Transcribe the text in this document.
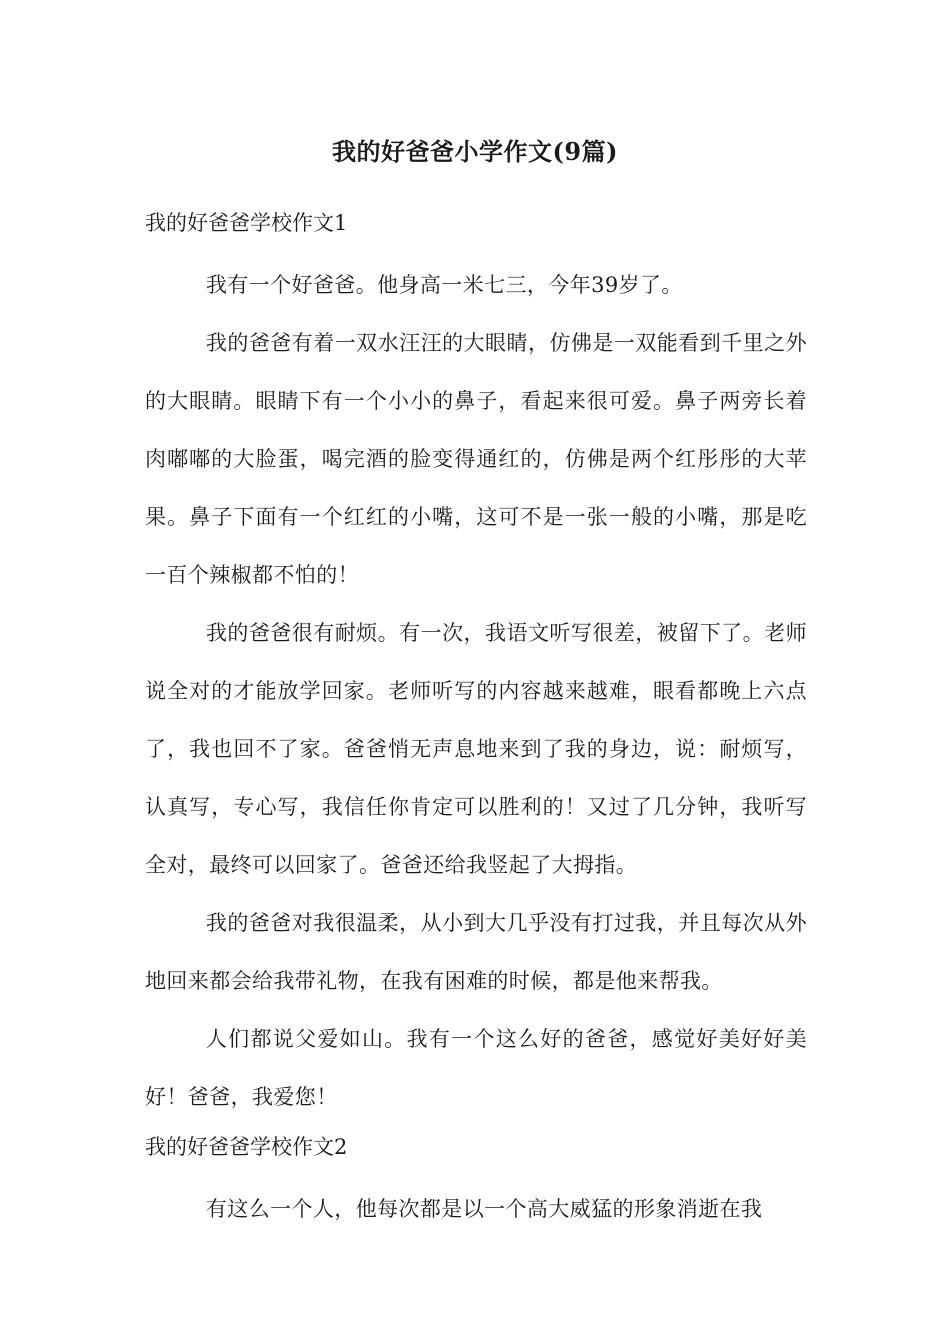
我的好爸爸小学作文(9篇)
我的好爸爸学校作文1

我有一个好爸爸。他身高一米七三，今年39岁了。

我的爸爸有着一双水汪汪的大眼睛，仿佛是一双能看到千里之外的大眼睛。眼睛下有一个小小的鼻子，看起来很可爱。鼻子两旁长着肉嘟嘟的大脸蛋，喝完酒的脸变得通红的，仿佛是两个红彤彤的大苹果。鼻子下面有一个红红的小嘴，这可不是一张一般的小嘴，那是吃一百个辣椒都不怕的！

我的爸爸很有耐烦。有一次，我语文听写很差，被留下了。老师说全对的才能放学回家。老师听写的内容越来越难，眼看都晚上六点了，我也回不了家。爸爸悄无声息地来到了我的身边，说：耐烦写，认真写，专心写，我信任你肯定可以胜利的！又过了几分钟，我听写全对，最终可以回家了。爸爸还给我竖起了大拇指。

我的爸爸对我很温柔，从小到大几乎没有打过我，并且每次从外地回来都会给我带礼物，在我有困难的时候，都是他来帮我。

人们都说父爱如山。我有一个这么好的爸爸，感觉好美好好美好！爸爸，我爱您！

我的好爸爸学校作文2

有这么一个人，他每次都是以一个高大威猛的形象消逝在我
